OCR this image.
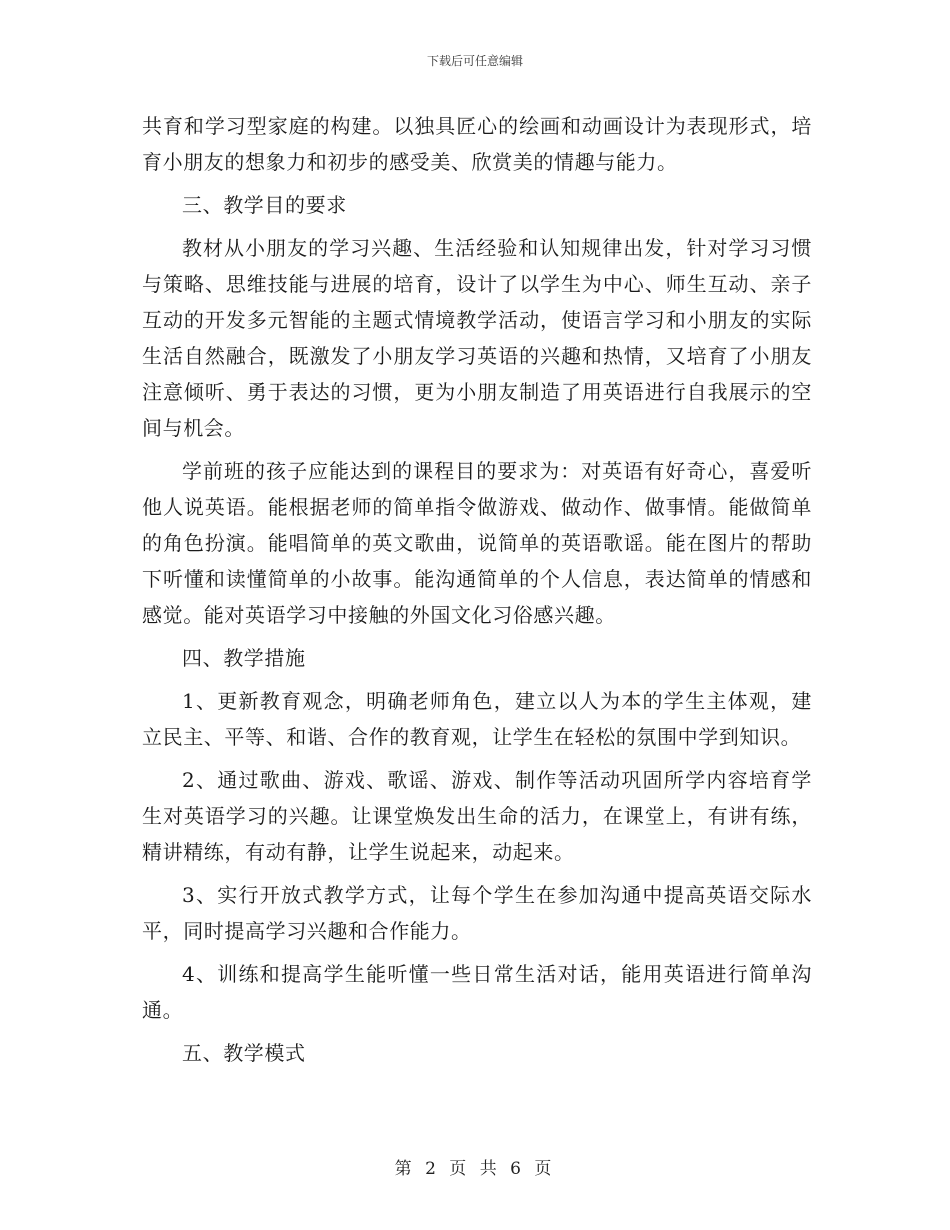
下载后可任意编辑

共育和学习型家庭的构建。以独具匠心的绘画和动画设计为表现形式，培育小朋友的想象力和初步的感受美、欣赏美的情趣与能力。

三、教学目的要求

教材从小朋友的学习兴趣、生活经验和认知规律出发，针对学习习惯与策略、思维技能与进展的培育，设计了以学生为中心、师生互动、亲子互动的开发多元智能的主题式情境教学活动，使语言学习和小朋友的实际生活自然融合，既激发了小朋友学习英语的兴趣和热情，又培育了小朋友注意倾听、勇于表达的习惯，更为小朋友制造了用英语进行自我展示的空间与机会。

学前班的孩子应能达到的课程目的要求为：对英语有好奇心，喜爱听他人说英语。能根据老师的简单指令做游戏、做动作、做事情。能做简单的角色扮演。能唱简单的英文歌曲，说简单的英语歌谣。能在图片的帮助下听懂和读懂简单的小故事。能沟通简单的个人信息，表达简单的情感和感觉。能对英语学习中接触的外国文化习俗感兴趣。

四、教学措施

1、更新教育观念，明确老师角色，建立以人为本的学生主体观，建立民主、平等、和谐、合作的教育观，让学生在轻松的氛围中学到知识。

2、通过歌曲、游戏、歌谣、游戏、制作等活动巩固所学内容培育学生对英语学习的兴趣。让课堂焕发出生命的活力，在课堂上，有讲有练，精讲精练，有动有静，让学生说起来，动起来。

3、实行开放式教学方式，让每个学生在参加沟通中提高英语交际水平，同时提高学习兴趣和合作能力。

4、训练和提高学生能听懂一些日常生活对话，能用英语进行简单沟通。

五、教学模式

第 2 页 共 6 页
